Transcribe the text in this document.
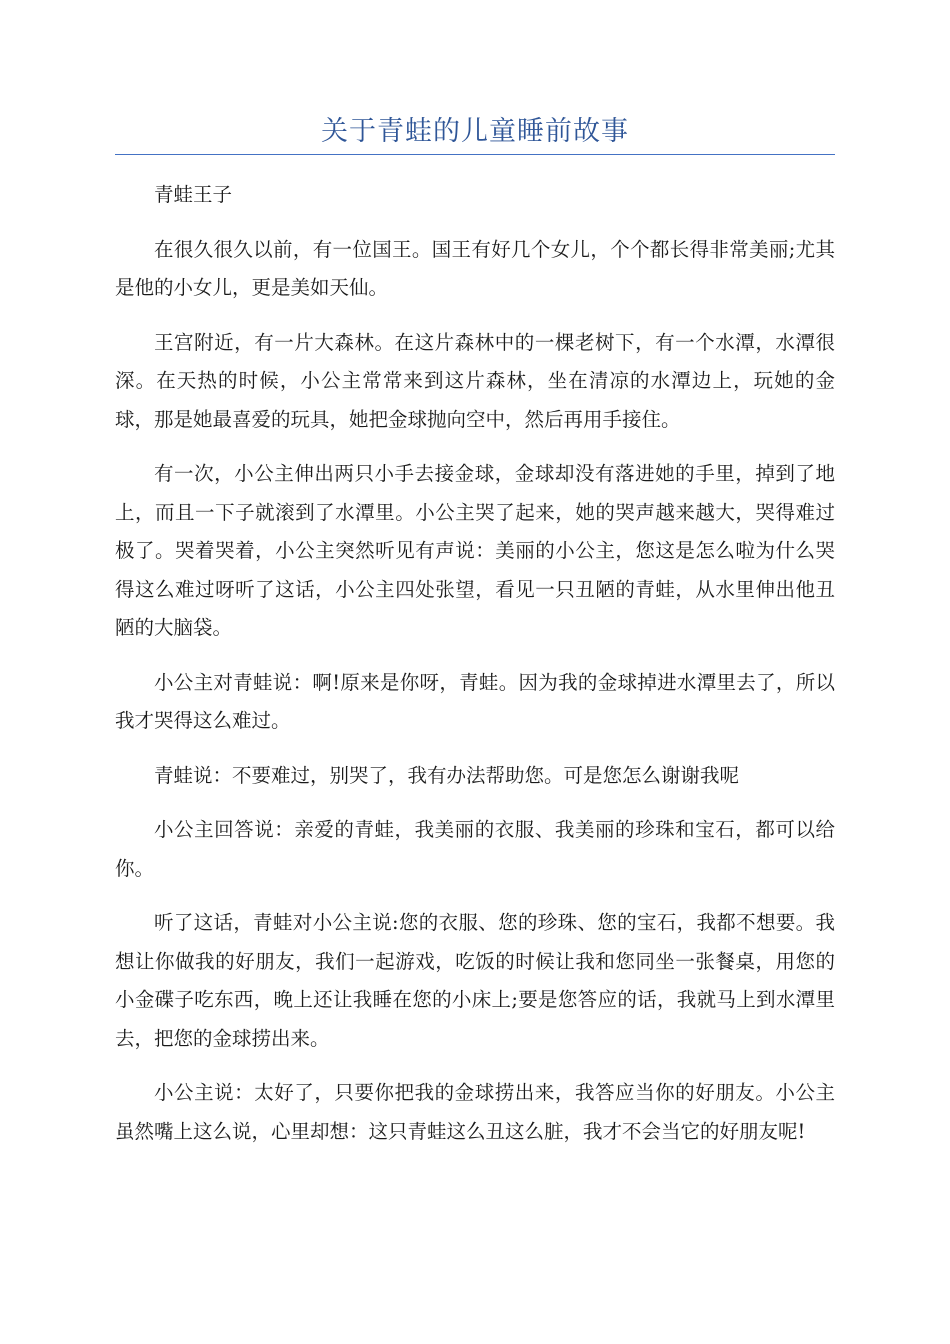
关于青蛙的儿童睡前故事

青蛙王子

在很久很久以前，有一位国王。国王有好几个女儿，个个都长得非常美丽;尤其是他的小女儿，更是美如天仙。

王宫附近，有一片大森林。在这片森林中的一棵老树下，有一个水潭，水潭很深。在天热的时候，小公主常常来到这片森林，坐在清凉的水潭边上，玩她的金球，那是她最喜爱的玩具，她把金球抛向空中，然后再用手接住。

有一次，小公主伸出两只小手去接金球，金球却没有落进她的手里，掉到了地上，而且一下子就滚到了水潭里。小公主哭了起来，她的哭声越来越大，哭得难过极了。哭着哭着，小公主突然听见有声说：美丽的小公主，您这是怎么啦为什么哭得这么难过呀听了这话，小公主四处张望，看见一只丑陋的青蛙，从水里伸出他丑陋的大脑袋。

小公主对青蛙说：啊!原来是你呀，青蛙。因为我的金球掉进水潭里去了，所以我才哭得这么难过。

青蛙说：不要难过，别哭了，我有办法帮助您。可是您怎么谢谢我呢

小公主回答说：亲爱的青蛙，我美丽的衣服、我美丽的珍珠和宝石，都可以给你。

听了这话，青蛙对小公主说:您的衣服、您的珍珠、您的宝石，我都不想要。我想让你做我的好朋友，我们一起游戏，吃饭的时候让我和您同坐一张餐桌，用您的小金碟子吃东西，晚上还让我睡在您的小床上;要是您答应的话，我就马上到水潭里去，把您的金球捞出来。

小公主说：太好了，只要你把我的金球捞出来，我答应当你的好朋友。小公主虽然嘴上这么说，心里却想：这只青蛙这么丑这么脏，我才不会当它的好朋友呢!
